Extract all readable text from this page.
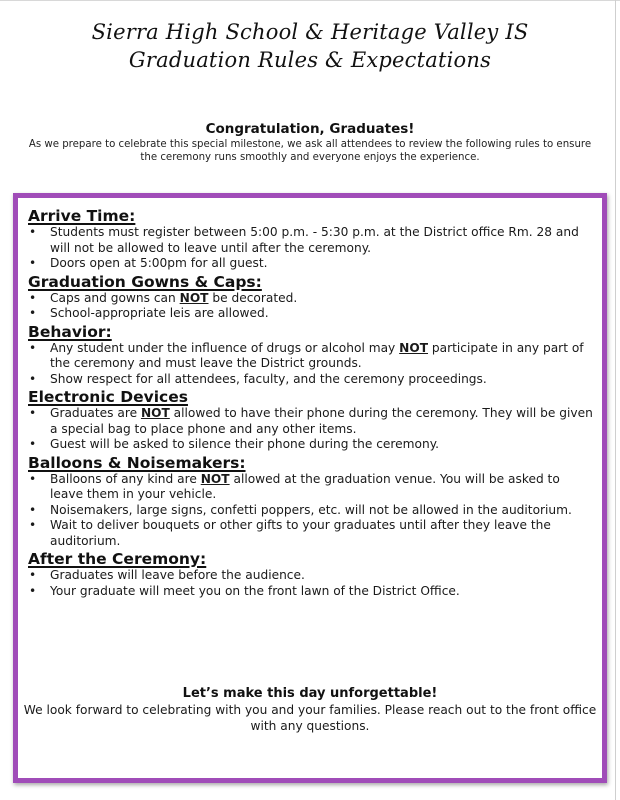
Sierra High School & Heritage Valley IS
Graduation Rules & Expectations
Congratulation, Graduates!
As we prepare to celebrate this special milestone, we ask all attendees to review the following rules to ensure the ceremony runs smoothly and everyone enjoys the experience.
Arrive Time:
• Students must register between 5:00 p.m. - 5:30 p.m. at the District office Rm. 28 and will not be allowed to leave until after the ceremony.
• Doors open at 5:00pm for all guest.
Graduation Gowns & Caps:
• Caps and gowns can NOT be decorated.
• School-appropriate leis are allowed.
Behavior:
• Any student under the influence of drugs or alcohol may NOT participate in any part of the ceremony and must leave the District grounds.
• Show respect for all attendees, faculty, and the ceremony proceedings.
Electronic Devices
• Graduates are NOT allowed to have their phone during the ceremony. They will be given a special bag to place phone and any other items.
• Guest will be asked to silence their phone during the ceremony.
Balloons & Noisemakers:
• Balloons of any kind are NOT allowed at the graduation venue. You will be asked to leave them in your vehicle.
• Noisemakers, large signs, confetti poppers, etc. will not be allowed in the auditorium.
• Wait to deliver bouquets or other gifts to your graduates until after they leave the auditorium.
After the Ceremony:
• Graduates will leave before the audience.
• Your graduate will meet you on the front lawn of the District Office.
Let’s make this day unforgettable!
We look forward to celebrating with you and your families. Please reach out to the front office with any questions.
